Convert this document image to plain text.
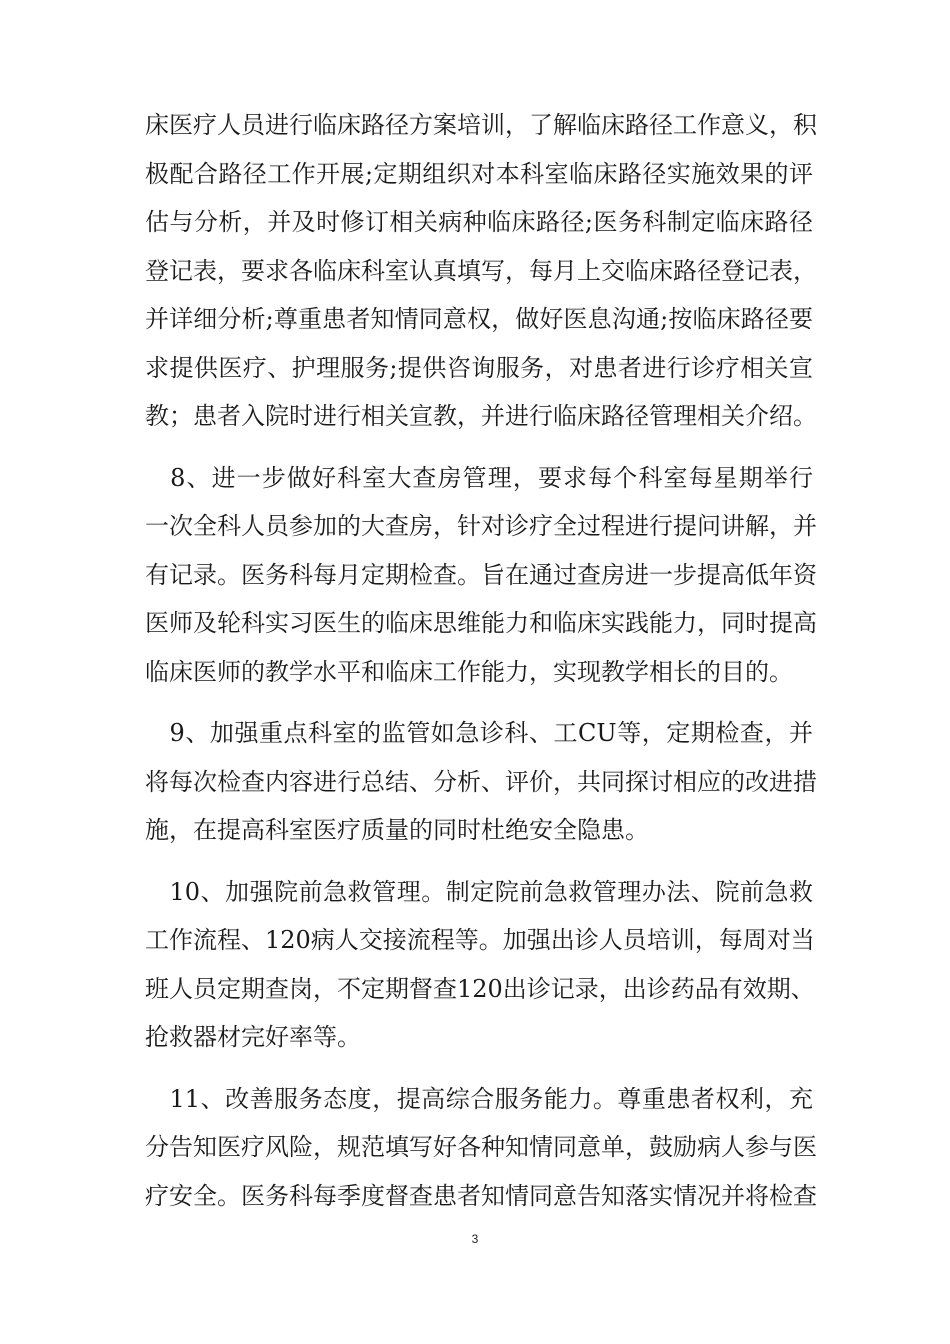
床医疗人员进行临床路径方案培训，了解临床路径工作意义，积
极配合路径工作开展;定期组织对本科室临床路径实施效果的评
估与分析，并及时修订相关病种临床路径;医务科制定临床路径
登记表，要求各临床科室认真填写，每月上交临床路径登记表，
并详细分析;尊重患者知情同意权，做好医息沟通;按临床路径要
求提供医疗、护理服务;提供咨询服务，对患者进行诊疗相关宣
教；患者入院时进行相关宣教，并进行临床路径管理相关介绍。
　8、进一步做好科室大查房管理，要求每个科室每星期举行
一次全科人员参加的大查房，针对诊疗全过程进行提问讲解，并
有记录。医务科每月定期检查。旨在通过查房进一步提高低年资
医师及轮科实习医生的临床思维能力和临床实践能力，同时提高
临床医师的教学水平和临床工作能力，实现教学相长的目的。
　9、加强重点科室的监管如急诊科、工CU等，定期检查，并
将每次检查内容进行总结、分析、评价，共同探讨相应的改进措
施，在提高科室医疗质量的同时杜绝安全隐患。
　10、加强院前急救管理。制定院前急救管理办法、院前急救
工作流程、120病人交接流程等。加强出诊人员培训，每周对当
班人员定期查岗，不定期督查120出诊记录，出诊药品有效期、
抢救器材完好率等。
　11、改善服务态度，提高综合服务能力。尊重患者权利，充
分告知医疗风险，规范填写好各种知情同意单，鼓励病人参与医
疗安全。医务科每季度督查患者知情同意告知落实情况并将检查
3
